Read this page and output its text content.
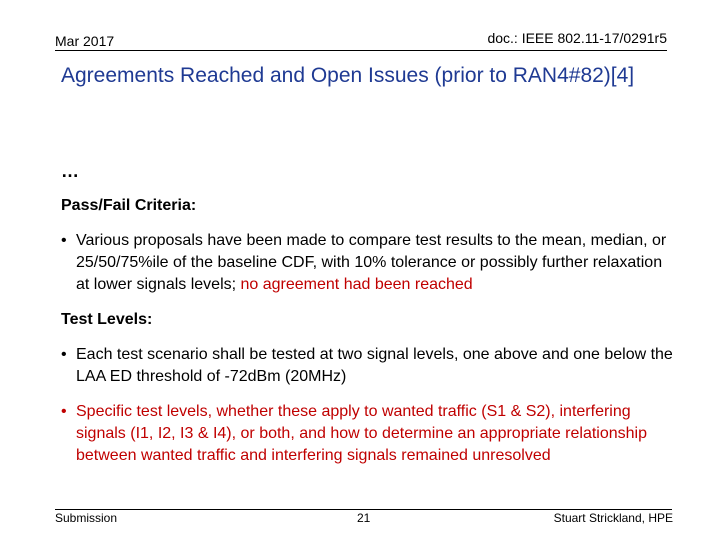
Mar 2017	doc.: IEEE 802.11-17/0291r5
Agreements Reached and Open Issues (prior to RAN4#82)[4]
…
Pass/Fail Criteria:
• Various proposals have been made to compare test results to the mean, median, or 25/50/75%ile of the baseline CDF, with 10% tolerance or possibly further relaxation at lower signals levels; no agreement had been reached
Test Levels:
• Each test scenario shall be tested at two signal levels, one above and one below the LAA ED threshold of -72dBm (20MHz)
• Specific test levels, whether these apply to wanted traffic (S1 & S2), interfering signals (I1, I2, I3 & I4), or both, and how to determine an appropriate relationship between wanted traffic and interfering signals remained unresolved
Submission	21	Stuart Strickland, HPE
